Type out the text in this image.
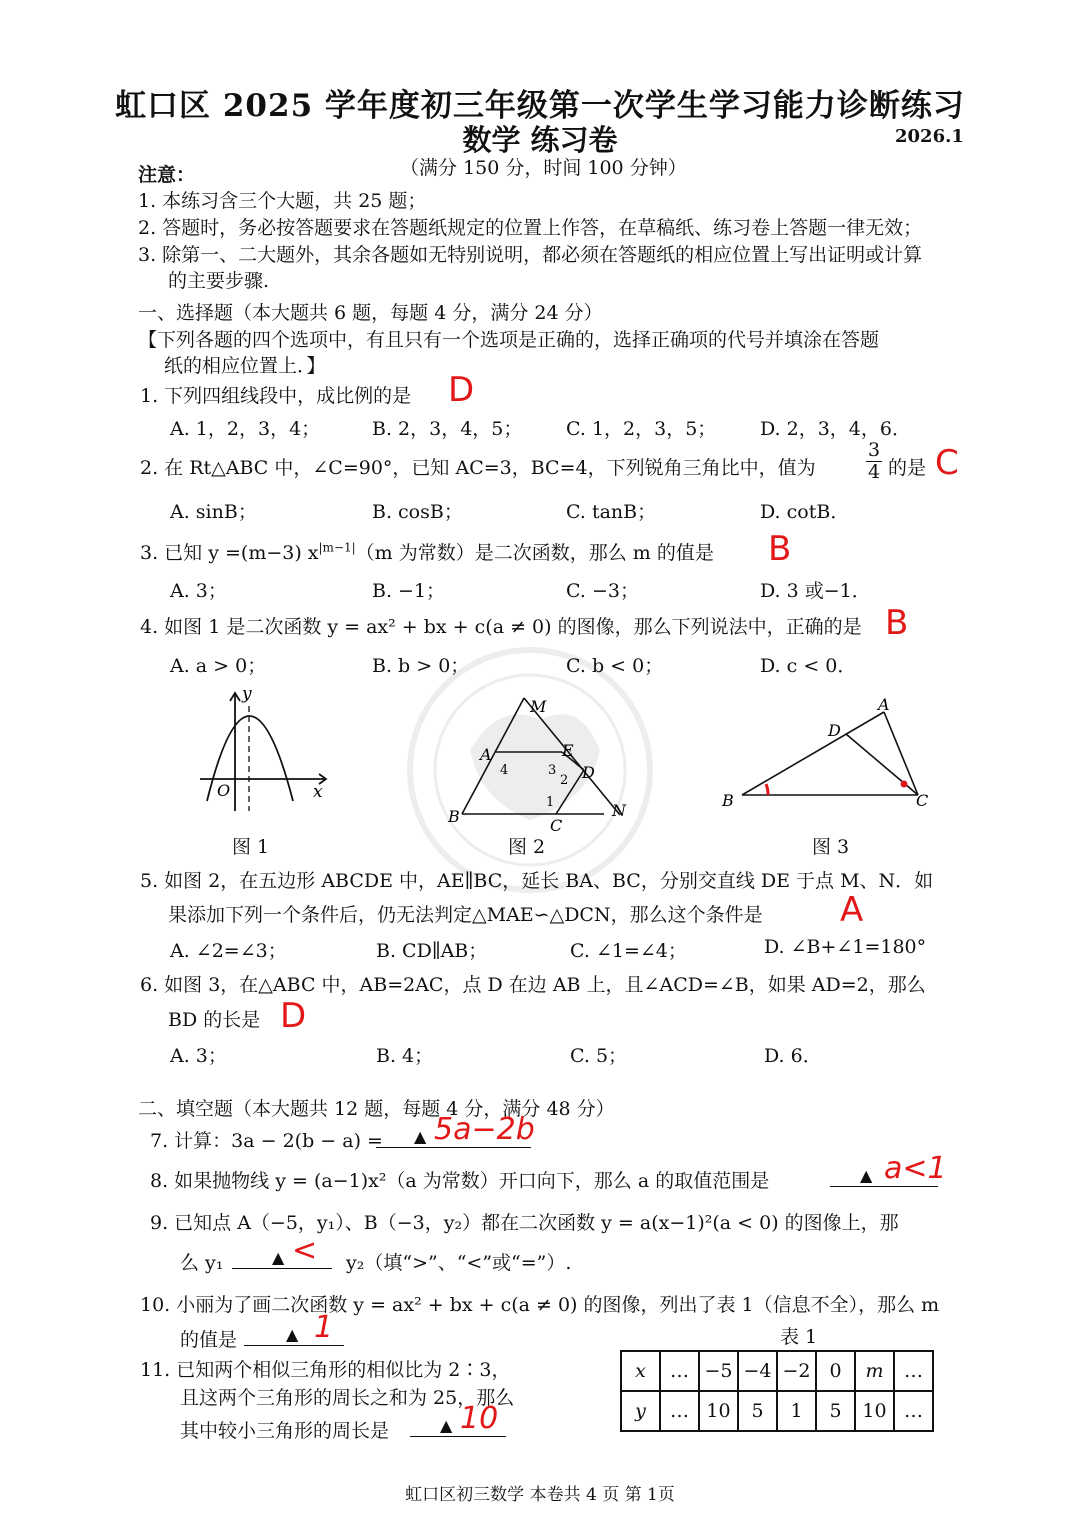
虹口区 2025 学年度初三年级第一次学生学习能力诊断练习
数学 练习卷	2026.1
注意：	（满分 150 分，时间 100 分钟）
1. 本练习含三个大题，共 25 题；
2. 答题时，务必按答题要求在答题纸规定的位置上作答，在草稿纸、练习卷上答题一律无效；
3. 除第一、二大题外，其余各题如无特别说明，都必须在答题纸的相应位置上写出证明或计算
的主要步骤.
一、选择题（本大题共 6 题，每题 4 分，满分 24 分）
【下列各题的四个选项中，有且只有一个选项是正确的，选择正确项的代号并填涂在答题
纸的相应位置上．】
1. 下列四组线段中，成比例的是 D
A. 1，2，3，4；	B. 2，3，4，5； C. 1，2，3，5； D. 2，3，4，6．
2. 在 Rt△ABC 中，∠C=90°，已知 AC=3，BC=4，下列锐角三角比中，值为	$\frac{3}{4}$ 的是 C
A. sinB；	B. cosB；	C. tanB；	D. cotB．
3. 已知 y =(m−3) $x^{|m-1|}(m$ 为常数）是二次函数，那么 m 的值是 B
A. 3；	B. −1；	C. −3；	D. 3 或−1．
4. 如图 1 是二次函数 y = ax² + bx + c(a ≠ 0) 的图像，那么下列说法中，正确的是 B
A. a > 0；	B. b > 0；	C. b < 0；	D. c < 0．
y
x
O
图 1
M
A	E
D
B	C
N
1
2
3
4
图 2
A
D
B	C
图 3
5. 如图 2，在五边形 ABCDE 中，AE∥BC，延长 BA、BC，分别交直线 DE 于点 M、N．如
果添加下列一个条件后，仍无法判定△MAE∽△DCN，那么这个条件是 A
A. ∠2=∠3；	B. CD∥AB；	C. ∠1=∠4；	D. ∠B+∠1=180°
6. 如图 3，在△ABC 中，AB=2AC，点 D 在边 AB 上，且∠ACD=∠B，如果 AD=2，那么
BD 的长是 D
A. 3；	B. 4；	C. 5；	D. 6．
二、填空题（本大题共 12 题，每题 4 分，满分 48 分）
7. 计算：3a − 2(b − a) = ▲ 5a−2b
8. 如果抛物线 y = (a−1)x²（a 为常数）开口向下，那么 a 的取值范围是	▲ a<1
9. 已知点 A（−5，y₁）、B（−3，y₂）都在二次函数 y = a(x−1)²(a < 0) 的图像上，那
么 y₁	▲ < y₂（填“>”、“<”或“=”）.
10. 小丽为了画二次函数 y = ax² + bx + c(a ≠ 0) 的图像，列出了表 1（信息不全），那么 m
的值是	▲ 1
11. 已知两个相似三角形的相似比为 2∶3，
且这两个三角形的周长之和为 25，那么
其中较小三角形的周长是	▲ 10
表 1
x	…	−5	−4	−2	0	m	…
y	…	10	5	1	5	10	…
虹口区初三数学 本卷共 4 页 第 1页
